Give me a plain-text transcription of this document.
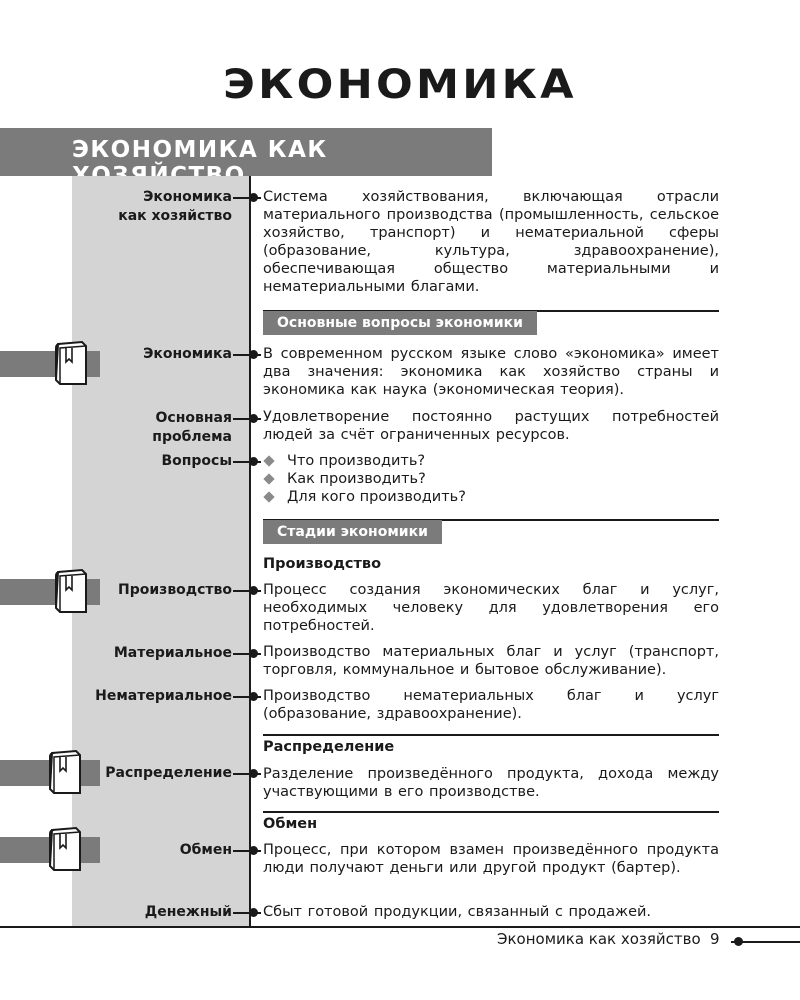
ЭКОНОМИКА
ЭКОНОМИКА КАК
Экономика
как хозяйство
Система хозяйствования, включающая отрасли материального производства (промышленность, сельское хозяйство, транспорт) и нематериальной сферы (образование, культура, здравоохранение), обеспечивающая общество материальными и нематериальными благами.
Основные вопросы экономики
Экономика В современном русском языке слово «экономика» имеет два значения: экономика как хозяйство страны и экономика как наука (экономическая теория).
Основная
проблема
Удовлетворение постоянно растущих потребностей людей за счёт ограниченных ресурсов.
Вопросы	Что производить?
Как производить?
Для кого производить?
Стадии экономики
Производство
Производство Процесс создания экономических благ и услуг, необходимых человеку для удовлетворения его потребностей.
Материальное Производство материальных благ и услуг (транспорт, торговля, коммунальное и бытовое обслуживание).
Нематериальное Производство нематериальных благ и услуг (образование, здравоохранение).
Распределение
Распределение Разделение произведённого продукта, дохода между участвующими в его производстве.
Обмен
Обмен Процесс, при котором взамен произведённого продукта люди получают деньги или другой продукт (бартер).
Денежный Сбыт готовой продукции, связанный с продажей.
Экономика как хозяйство 9
